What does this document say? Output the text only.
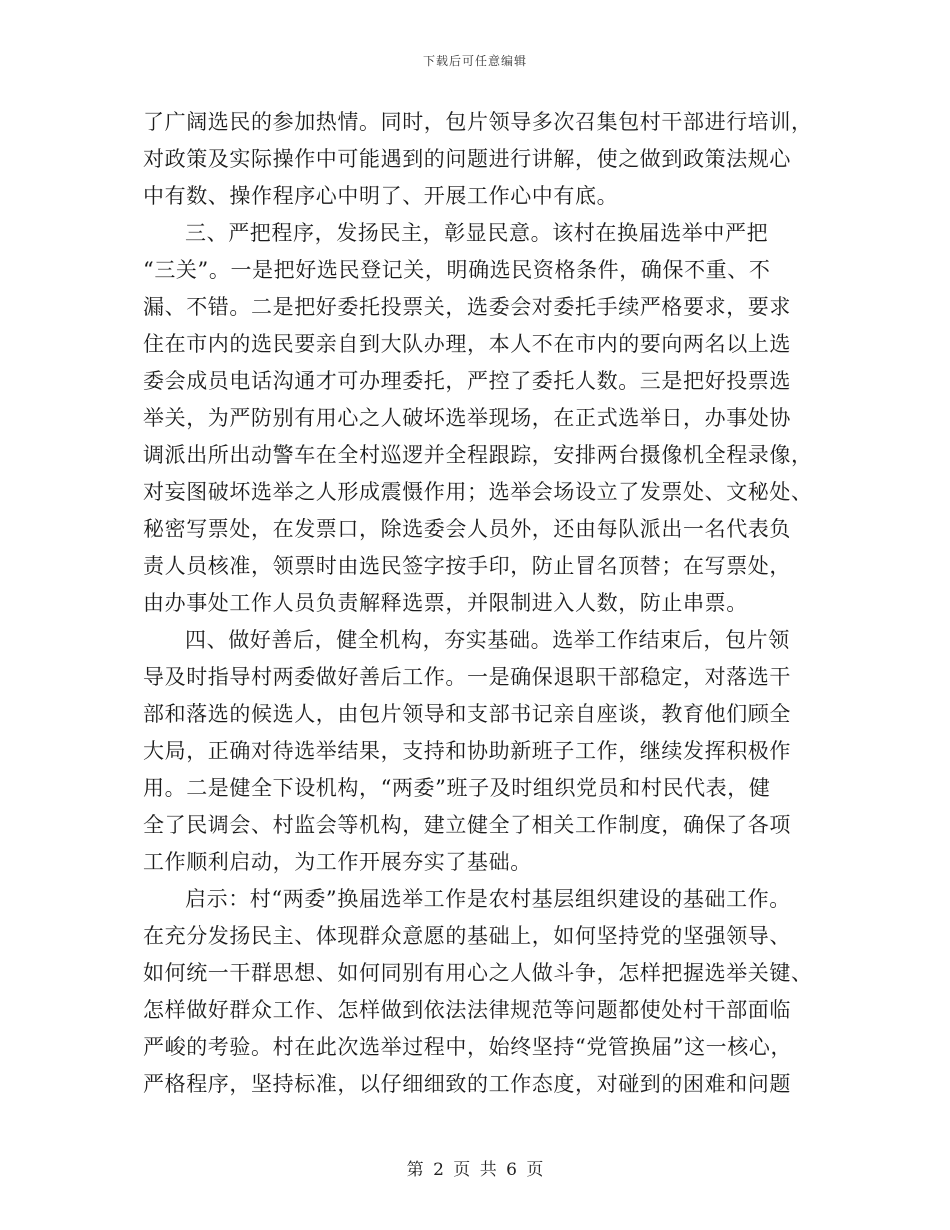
下载后可任意编辑
了广阔选民的参加热情。同时，包片领导多次召集包村干部进行培训，
对政策及实际操作中可能遇到的问题进行讲解，使之做到政策法规心
中有数、操作程序心中明了、开展工作心中有底。
三、严把程序，发扬民主，彰显民意。该村在换届选举中严把
“三关”。一是把好选民登记关，明确选民资格条件，确保不重、不
漏、不错。二是把好委托投票关，选委会对委托手续严格要求，要求
住在市内的选民要亲自到大队办理，本人不在市内的要向两名以上选
委会成员电话沟通才可办理委托，严控了委托人数。三是把好投票选
举关，为严防别有用心之人破坏选举现场，在正式选举日，办事处协
调派出所出动警车在全村巡逻并全程跟踪，安排两台摄像机全程录像，
对妄图破坏选举之人形成震慑作用；选举会场设立了发票处、文秘处、
秘密写票处，在发票口，除选委会人员外，还由每队派出一名代表负
责人员核准，领票时由选民签字按手印，防止冒名顶替；在写票处，
由办事处工作人员负责解释选票，并限制进入人数，防止串票。
四、做好善后，健全机构，夯实基础。选举工作结束后，包片领
导及时指导村两委做好善后工作。一是确保退职干部稳定，对落选干
部和落选的候选人，由包片领导和支部书记亲自座谈，教育他们顾全
大局，正确对待选举结果，支持和协助新班子工作，继续发挥积极作
用。二是健全下设机构，“两委”班子及时组织党员和村民代表，健
全了民调会、村监会等机构，建立健全了相关工作制度，确保了各项
工作顺利启动，为工作开展夯实了基础。
启示：村“两委”换届选举工作是农村基层组织建设的基础工作。
在充分发扬民主、体现群众意愿的基础上，如何坚持党的坚强领导、
如何统一干群思想、如何同别有用心之人做斗争，怎样把握选举关键、
怎样做好群众工作、怎样做到依法法律规范等问题都使处村干部面临
严峻的考验。村在此次选举过程中，始终坚持“党管换届”这一核心，
严格程序，坚持标准，以仔细细致的工作态度，对碰到的困难和问题
第 2 页 共 6 页
